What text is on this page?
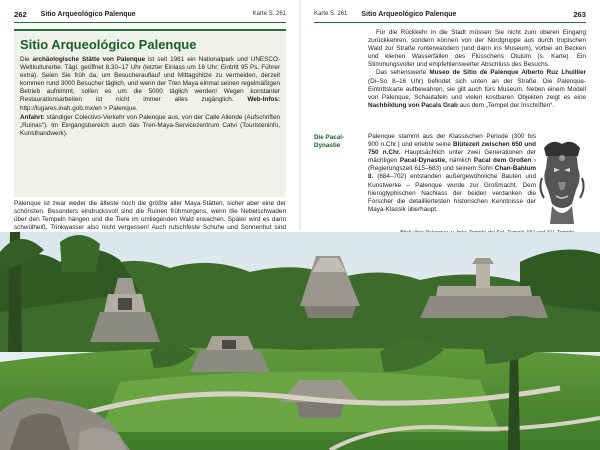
262 Sitio Arqueológico Palenque	Karte S. 261	Karte S. 261 Sitio Arqueológico Palenque	263
Sitio Arqueológico Palenque

Die archäologische Stätte von Palenque ist seit 1981 ein Nationalpark und UNESCO-Weltkulturerbe. Tägl. geöffnet 8.30–17 Uhr (letzter Einlass um 16 Uhr, Eintritt 95 Ps, Führer extra). Seien Sie früh da, um Besucherauflauf und Mittagshitze zu vermeiden, derzeit kommen rund 3000 Besucher täglich, und wenn der Tren Maya einmal seinen regelmäßigen Betrieb aufnimmt, sollen es um die 5000 täglich werden! Wegen konstanter Restaurationsarbeiten ist nicht immer alles zugänglich. Web-Infos: http://lugares.inah.gob.mx/en > Palenque.

Anfahrt: ständiger Colectivo-Verkehr von Palenque aus, von der Calle Allende (Aufschriften „Ruinas“). Im Eingangsbereich auch das Tren-Maya-Servicezentrum Catvi (Touristeninfo, Kunsthandwerk).

Palenque ist zwar weder die älteste noch die größte aller Maya-Stätten, sicher aber eine der schönsten. Besonders eindrucksvoll sind die Ruinen frühmorgens, wenn die Nebelschwaden über den Tempeln hängen und die Tiere im umliegenden Wald erwachen. Später wird es dann schwülheiß, Trinkwasser also nicht vergessen! Auch rutschfeste Schuhe und Sonnenhut sind

Für die Rückkehr in die Stadt müssen Sie nicht zum oberen Eingang zurückkehren, sondern können von der Nordgruppe aus durch tropischen Wald zur Straße runterwandern (und dann ins Museum), vorbei an Becken und kleinen Wasserfällen des Flüsschens Otulúm (s. Karte). Ein Stimmungsvoller und empfehlenswerter Abschluss des Besuchs.

Das sehenswerte Museo de Sitio de Palenque Alberto Ruz Lhuillier (Di–So 8–16 Uhr) befindet sich unten an der Straße. Die Palenque-Eintrittskarte aufbewahren, sie gilt auch fürs Museum. Neben einem Modell von Palenque, Schautafeln und vielen kostbaren Objekten zeigt es eine Nachbildung von Pacals Grab aus dem „Tempel der Inschriften“.

Die Pacal-Dynastie
Palenque stammt aus der Klassischen Periode (300 bis 900 n.Chr.) und erlebte seine Blütezeit zwischen 650 und 750 n.Chr. Hauptsächlich unter zwei Generationen der mächtigen Pacal-Dynastie, nämlich Pacal dem Großen › (Regierungszeit 615–683) und seinem Sohn Chan-Bahlum II. (684–702) entstanden außergewöhnliche Bauten und Kunstwerke – Palenque wurde zur Großmacht. Dem hieroglyphischen Nachlass der beiden verdanken die Forscher die detailliertesten historischen Kenntnisse der Maya-Klassik überhaupt.
